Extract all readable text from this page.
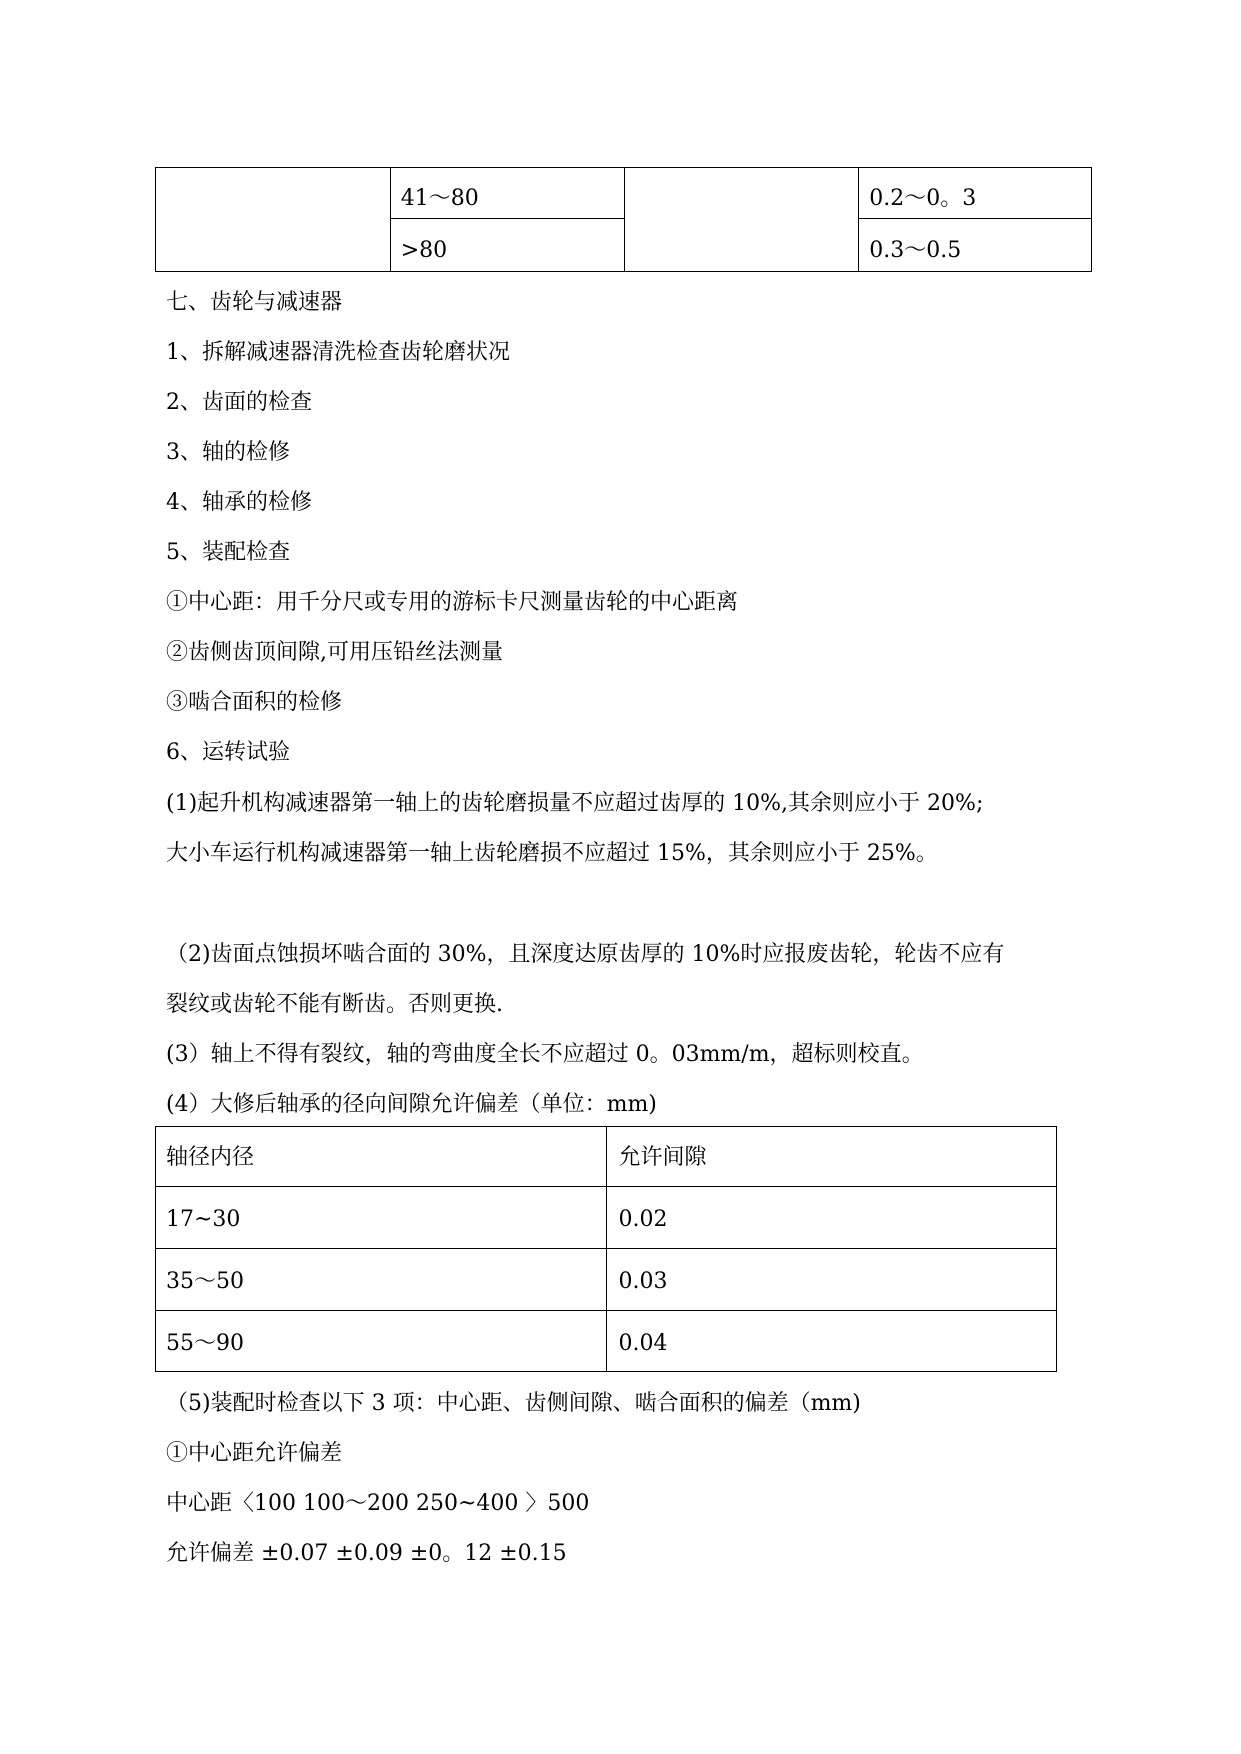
	41～80		0.2～0。3

	>80		0.3～0.5
七、齿轮与减速器
1、拆解减速器清洗检查齿轮磨状况
2、齿面的检查
3、轴的检修
4、轴承的检修
5、装配检查
①中心距：用千分尺或专用的游标卡尺测量齿轮的中心距离
②齿侧齿顶间隙,可用压铅丝法测量
③啮合面积的检修
6、运转试验
(1)起升机构减速器第一轴上的齿轮磨损量不应超过齿厚的 10%,其余则应小于 20%;
大小车运行机构减速器第一轴上齿轮磨损不应超过 15%，其余则应小于 25%。
（2)齿面点蚀损坏啮合面的 30%，且深度达原齿厚的 10%时应报废齿轮，轮齿不应有
裂纹或齿轮不能有断齿。否则更换.
(3）轴上不得有裂纹，轴的弯曲度全长不应超过 0。03mm/m，超标则校直。
(4）大修后轴承的径向间隙允许偏差（单位：mm)
轴径内径	允许间隙

17~30	0.02

35～50	0.03

55～90	0.04
（5)装配时检查以下 3 项：中心距、齿侧间隙、啮合面积的偏差（mm)
①中心距允许偏差
中心距〈100 100～200 250~400 〉500
允许偏差 ±0.07 ±0.09 ±0。12 ±0.15
